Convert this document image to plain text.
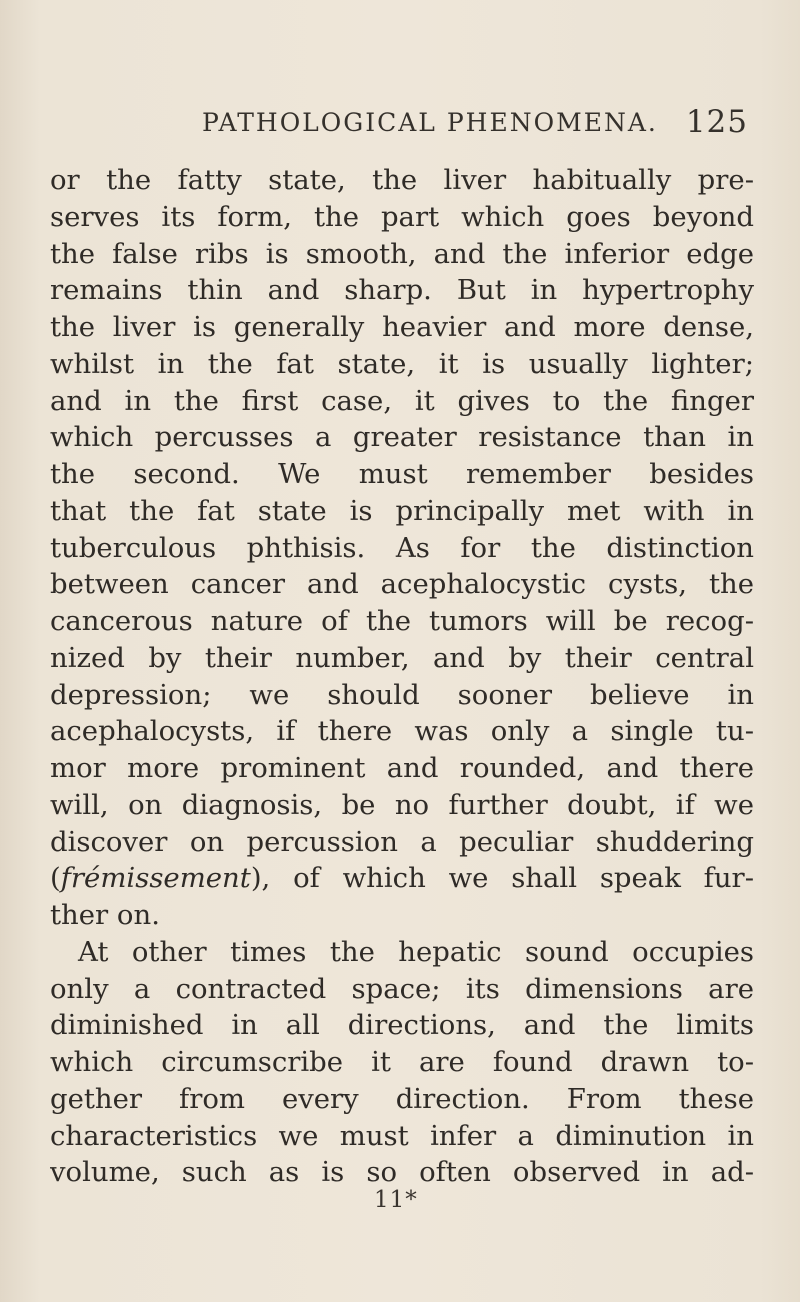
PATHOLOGICAL PHENOMENA. 125
or the fatty state, the liver habitually pre-
serves its form, the part which goes beyond
the false ribs is smooth, and the inferior edge
remains thin and sharp. But in hypertrophy
the liver is generally heavier and more dense,
whilst in the fat state, it is usually lighter;
and in the first case, it gives to the finger
which percusses a greater resistance than in
the second. We must remember besides
that the fat state is principally met with in
tuberculous phthisis. As for the distinction
between cancer and acephalocystic cysts, the
cancerous nature of the tumors will be recog-
nized by their number, and by their central
depression; we should sooner believe in
acephalocysts, if there was only a single tu-
mor more prominent and rounded, and there
will, on diagnosis, be no further doubt, if we
discover on percussion a peculiar shuddering
(frémissement), of which we shall speak fur-
ther on.
At other times the hepatic sound occupies
only a contracted space; its dimensions are
diminished in all directions, and the limits
which circumscribe it are found drawn to-
gether from every direction. From these
characteristics we must infer a diminution in
volume, such as is so often observed in ad-
11*
